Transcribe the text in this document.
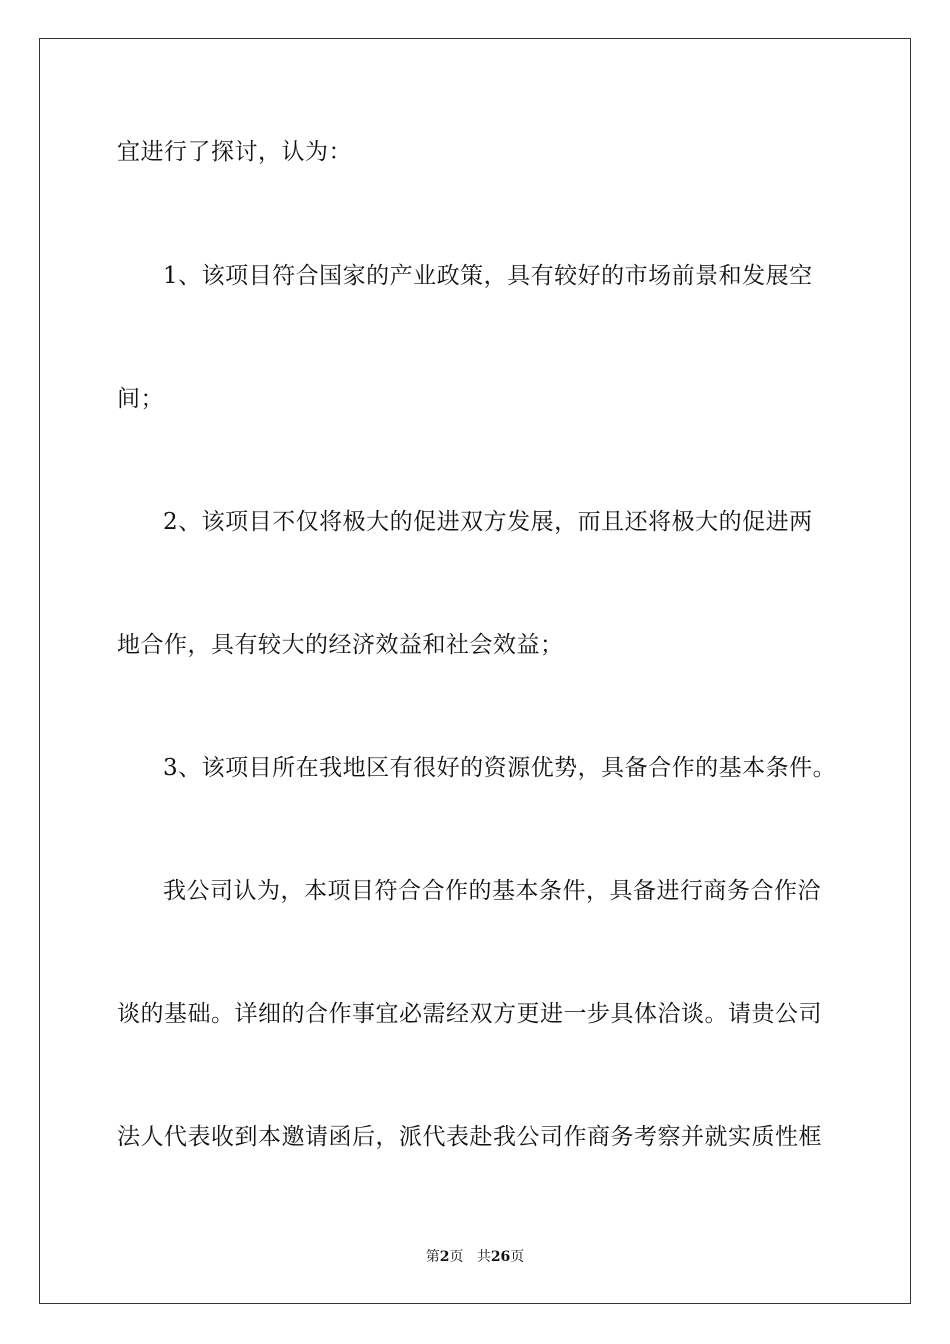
宜进行了探讨，认为：
1、该项目符合国家的产业政策，具有较好的市场前景和发展空
间；
2、该项目不仅将极大的促进双方发展，而且还将极大的促进两
地合作，具有较大的经济效益和社会效益；
3、该项目所在我地区有很好的资源优势，具备合作的基本条件。
我公司认为，本项目符合合作的基本条件，具备进行商务合作洽
谈的基础。详细的合作事宜必需经双方更进一步具体洽谈。请贵公司
法人代表收到本邀请函后，派代表赴我公司作商务考察并就实质性框
第2页 共26页
